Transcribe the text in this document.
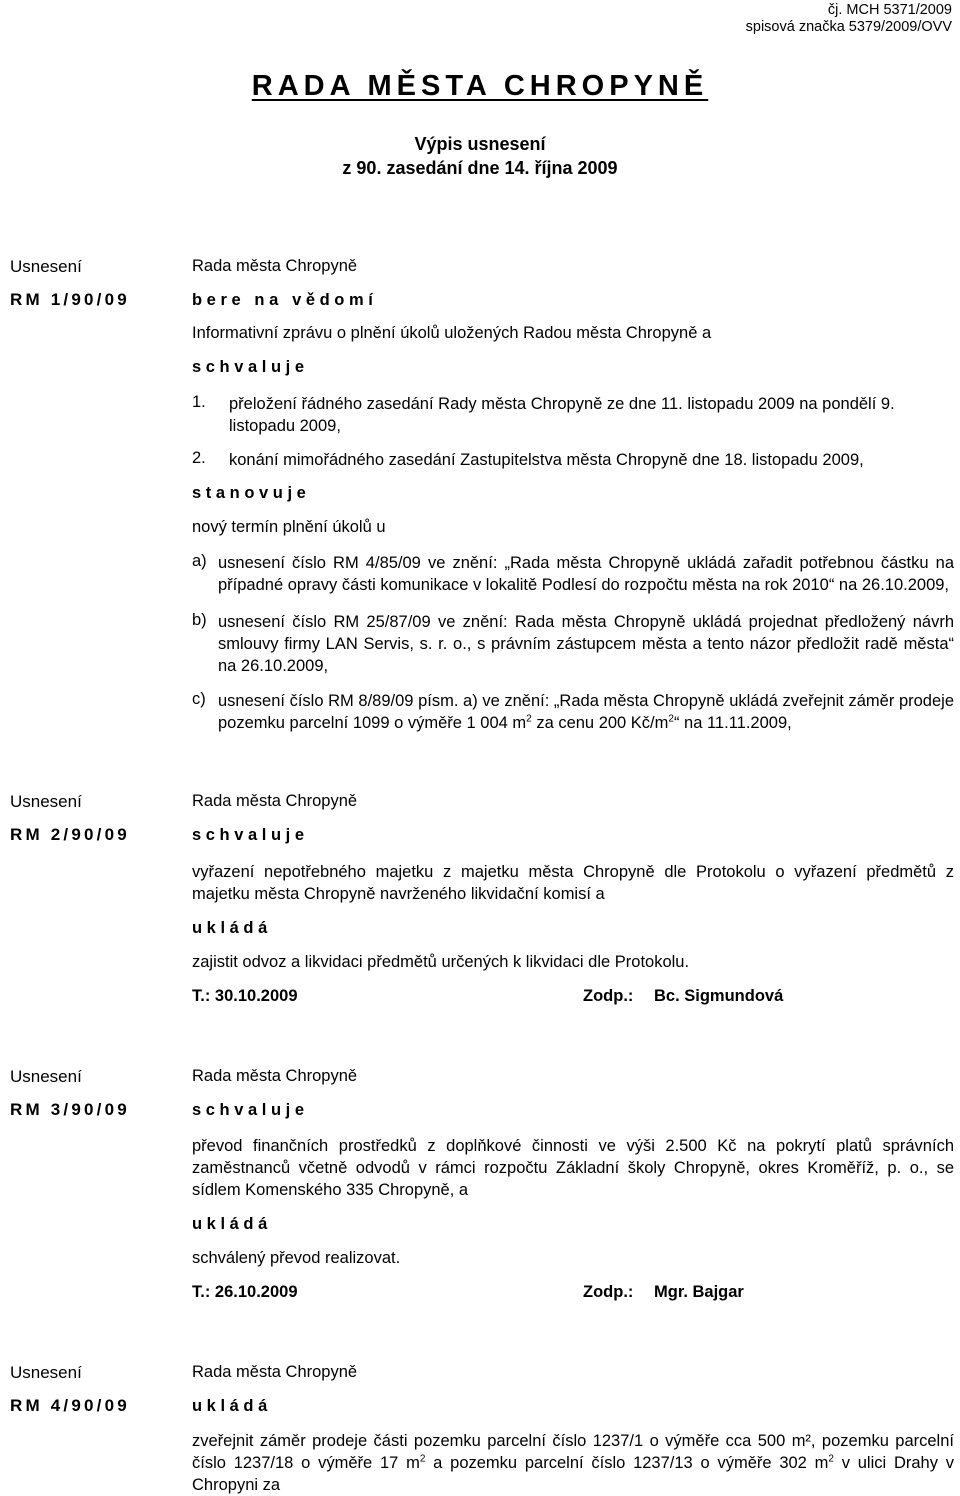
čj. MCH 5371/2009
spisová značka 5379/2009/OVV
RADA MĚSTA CHROPYNĚ
Výpis usnesení
z 90. zasedání dne 14. října 2009
Usnesení	Rada města Chropyně
RM 1/90/09	bere na vědomí
Informativní zprávu o plnění úkolů uložených Radou města Chropyně a
schvaluje
1. přeložení řádného zasedání Rady města Chropyně ze dne 11. listopadu 2009 na pondělí 9. listopadu 2009,
2. konání mimořádného zasedání Zastupitelstva města Chropyně dne 18. listopadu 2009,
stanovuje
nový termín plnění úkolů u
a) usnesení číslo RM 4/85/09 ve znění: „Rada města Chropyně ukládá zařadit potřebnou částku na případné opravy části komunikace v lokalitě Podlesí do rozpočtu města na rok 2010“ na 26.10.2009,
b) usnesení číslo RM 25/87/09 ve znění: Rada města Chropyně ukládá projednat předložený návrh smlouvy firmy LAN Servis, s. r. o., s právním zástupcem města a tento názor předložit radě města“ na 26.10.2009,
c) usnesení číslo RM 8/89/09 písm. a) ve znění: „Rada města Chropyně ukládá zveřejnit záměr prodeje pozemku parcelní 1099 o výměře 1 004 $m^2$ za cenu 200 $Kč/m^2“$ na 11.11.2009,
Usnesení	Rada města Chropyně
RM 2/90/09	schvaluje
vyřazení nepotřebného majetku z majetku města Chropyně dle Protokolu o vyřazení předmětů z majetku města Chropyně navrženého likvidační komisí a
ukládá
zajistit odvoz a likvidaci předmětů určených k likvidaci dle Protokolu.
T.: 30.10.2009	Zodp.: Bc. Sigmundová
Usnesení	Rada města Chropyně
RM 3/90/09	schvaluje
převod finančních prostředků z doplňkové činnosti ve výši 2.500 Kč na pokrytí platů správních zaměstnanců včetně odvodů v rámci rozpočtu Základní školy Chropyně, okres Kroměříž, p. o., se sídlem Komenského 335 Chropyně, a
ukládá
schválený převod realizovat.
T.: 26.10.2009	Zodp.: Mgr. Bajgar
Usnesení	Rada města Chropyně
RM 4/90/09	ukládá
zveřejnit záměr prodeje části pozemku parcelní číslo 1237/1 o výměře cca 500 m², pozemku parcelní číslo 1237/18 o výměře 17 $m^2$ a pozemku parcelní číslo 1237/13 o výměře 302 $m^2$ v ulici Drahy v Chropyni za
